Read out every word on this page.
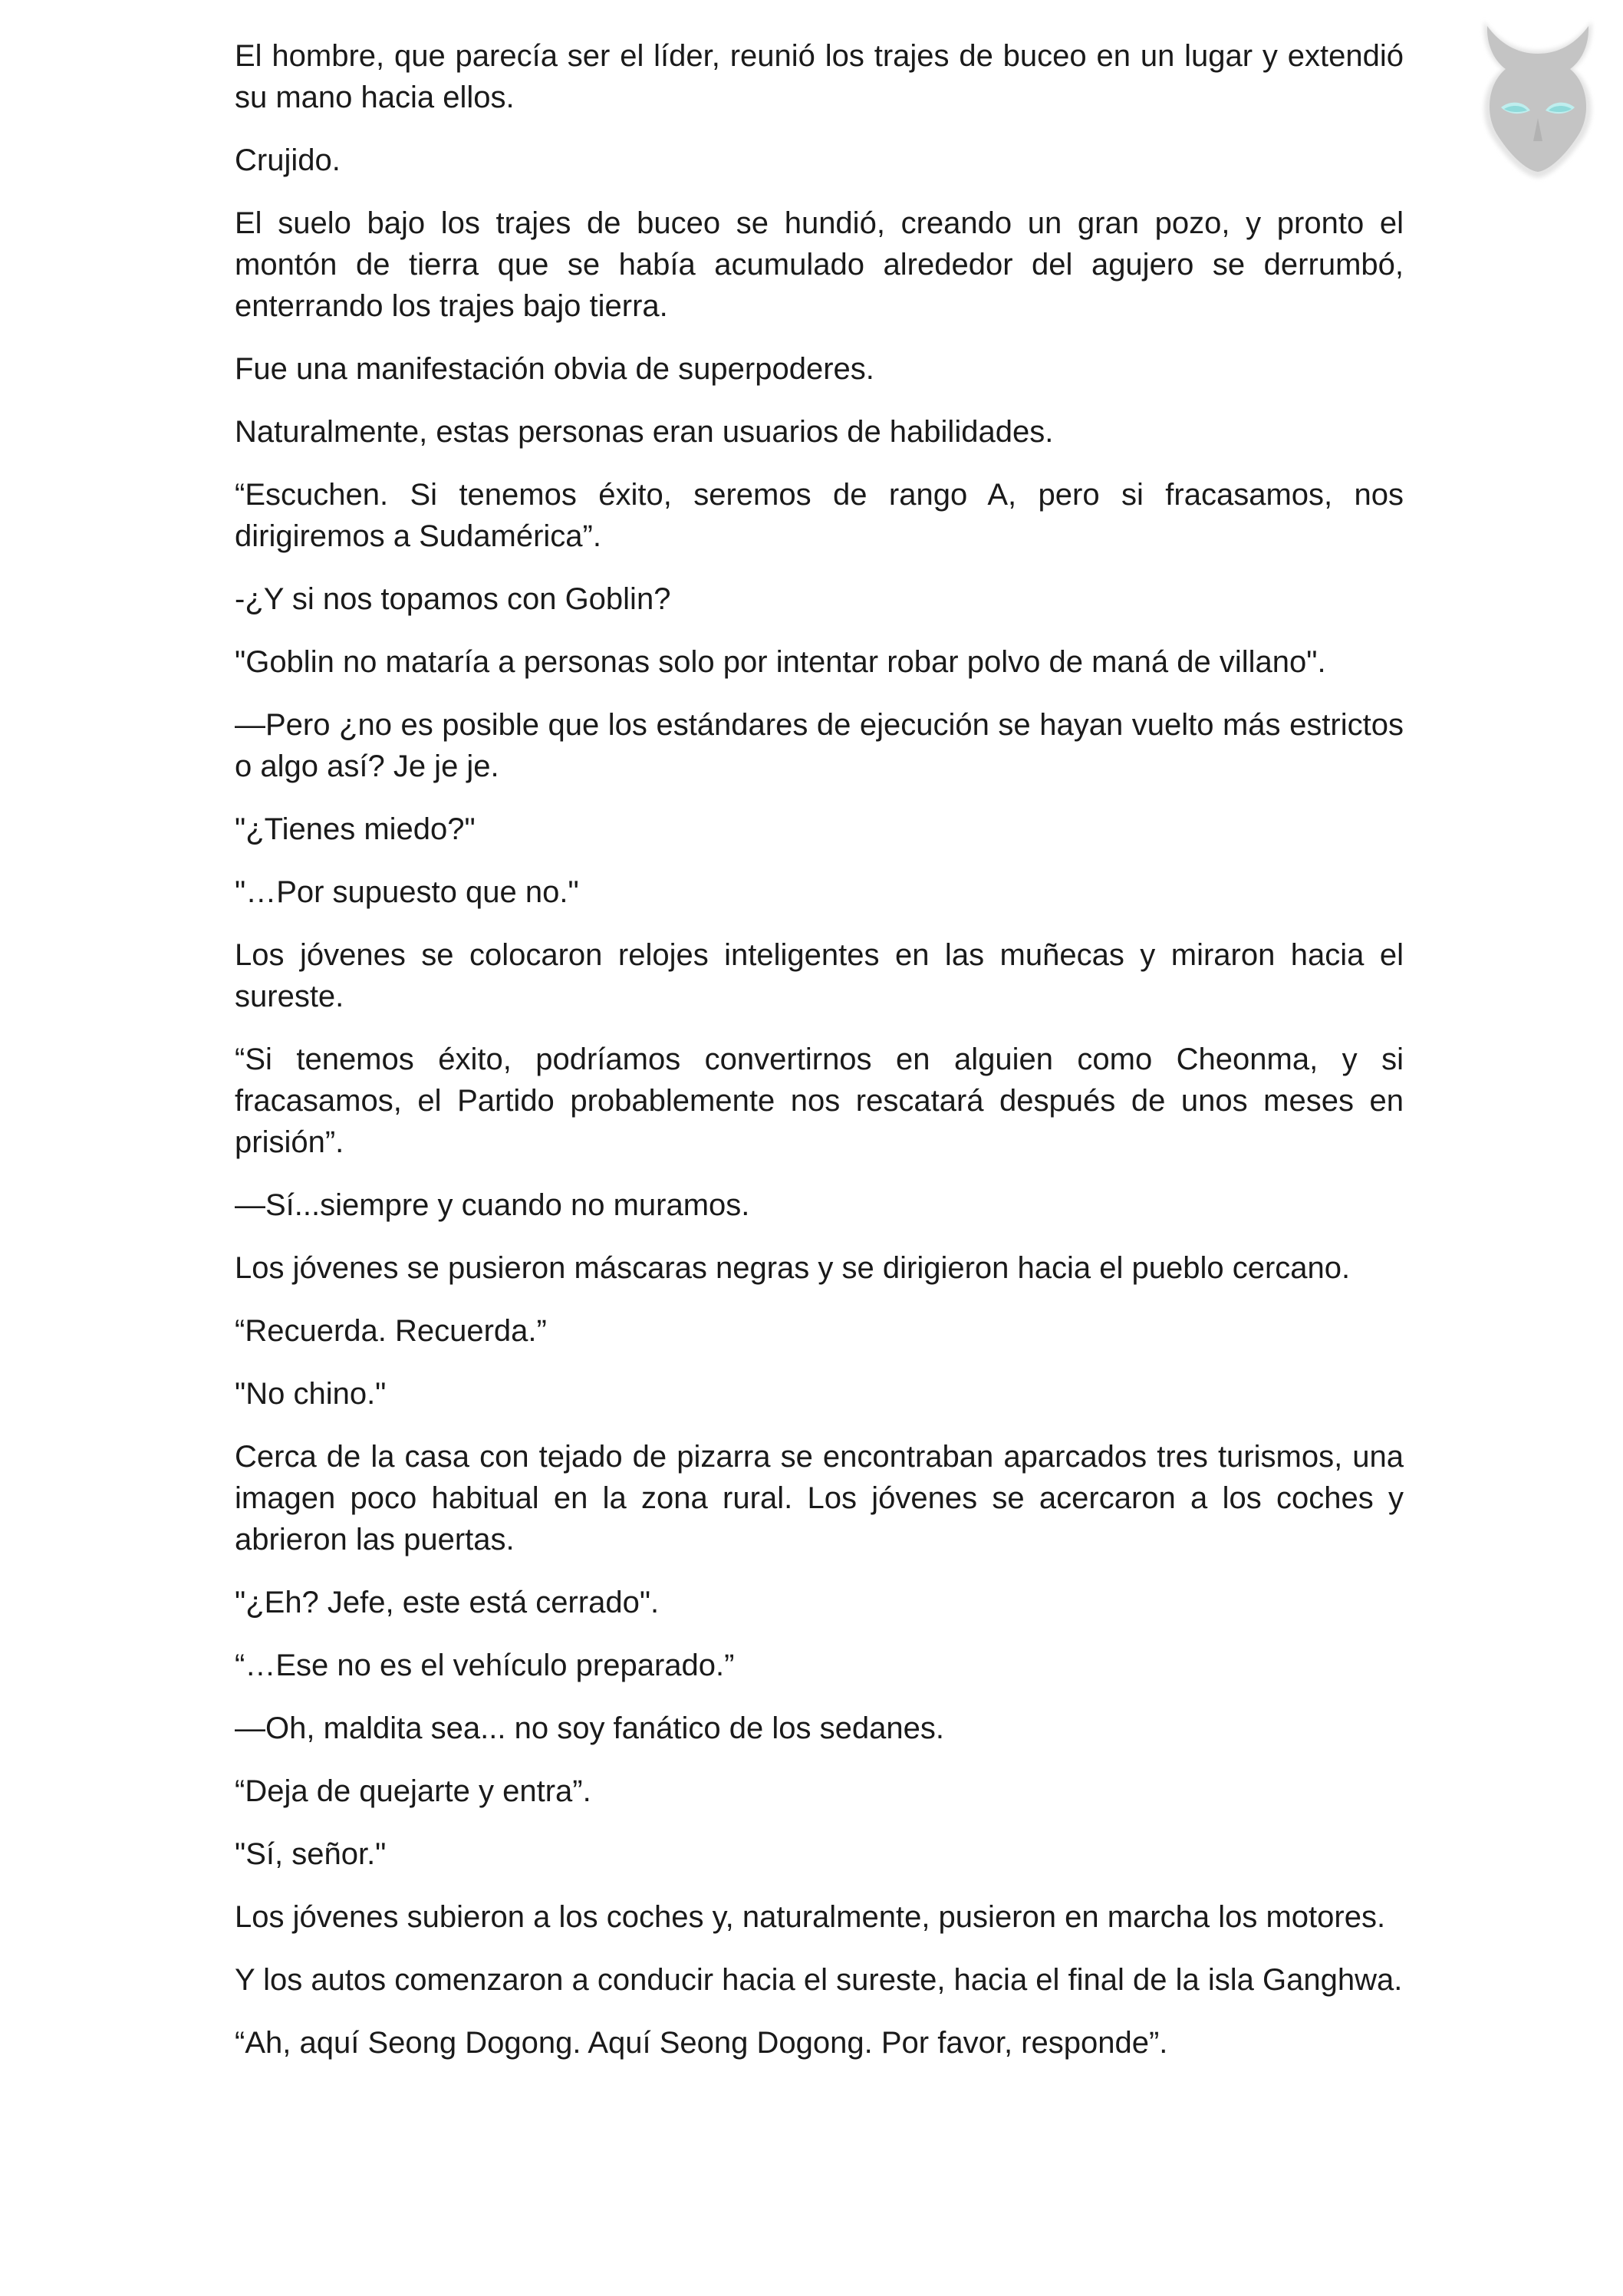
El hombre, que parecía ser el líder, reunió los trajes de buceo en un lugar y extendió su mano hacia ellos.

Crujido.

El suelo bajo los trajes de buceo se hundió, creando un gran pozo, y pronto el montón de tierra que se había acumulado alrededor del agujero se derrumbó, enterrando los trajes bajo tierra.

Fue una manifestación obvia de superpoderes.

Naturalmente, estas personas eran usuarios de habilidades.

“Escuchen. Si tenemos éxito, seremos de rango A, pero si fracasamos, nos dirigiremos a Sudamérica”.

-¿Y si nos topamos con Goblin?

"Goblin no mataría a personas solo por intentar robar polvo de maná de villano".

—Pero ¿no es posible que los estándares de ejecución se hayan vuelto más estrictos o algo así? Je je je.

"¿Tienes miedo?"

"…Por supuesto que no."

Los jóvenes se colocaron relojes inteligentes en las muñecas y miraron hacia el sureste.

“Si tenemos éxito, podríamos convertirnos en alguien como Cheonma, y si fracasamos, el Partido probablemente nos rescatará después de unos meses en prisión”.

—Sí...siempre y cuando no muramos.

Los jóvenes se pusieron máscaras negras y se dirigieron hacia el pueblo cercano.

“Recuerda. Recuerda.”

"No chino."

Cerca de la casa con tejado de pizarra se encontraban aparcados tres turismos, una imagen poco habitual en la zona rural. Los jóvenes se acercaron a los coches y abrieron las puertas.

"¿Eh? Jefe, este está cerrado".

“…Ese no es el vehículo preparado.”

—Oh, maldita sea... no soy fanático de los sedanes.

“Deja de quejarte y entra”.

"Sí, señor."

Los jóvenes subieron a los coches y, naturalmente, pusieron en marcha los motores.

Y los autos comenzaron a conducir hacia el sureste, hacia el final de la isla Ganghwa.

“Ah, aquí Seong Dogong. Aquí Seong Dogong. Por favor, responde”.
